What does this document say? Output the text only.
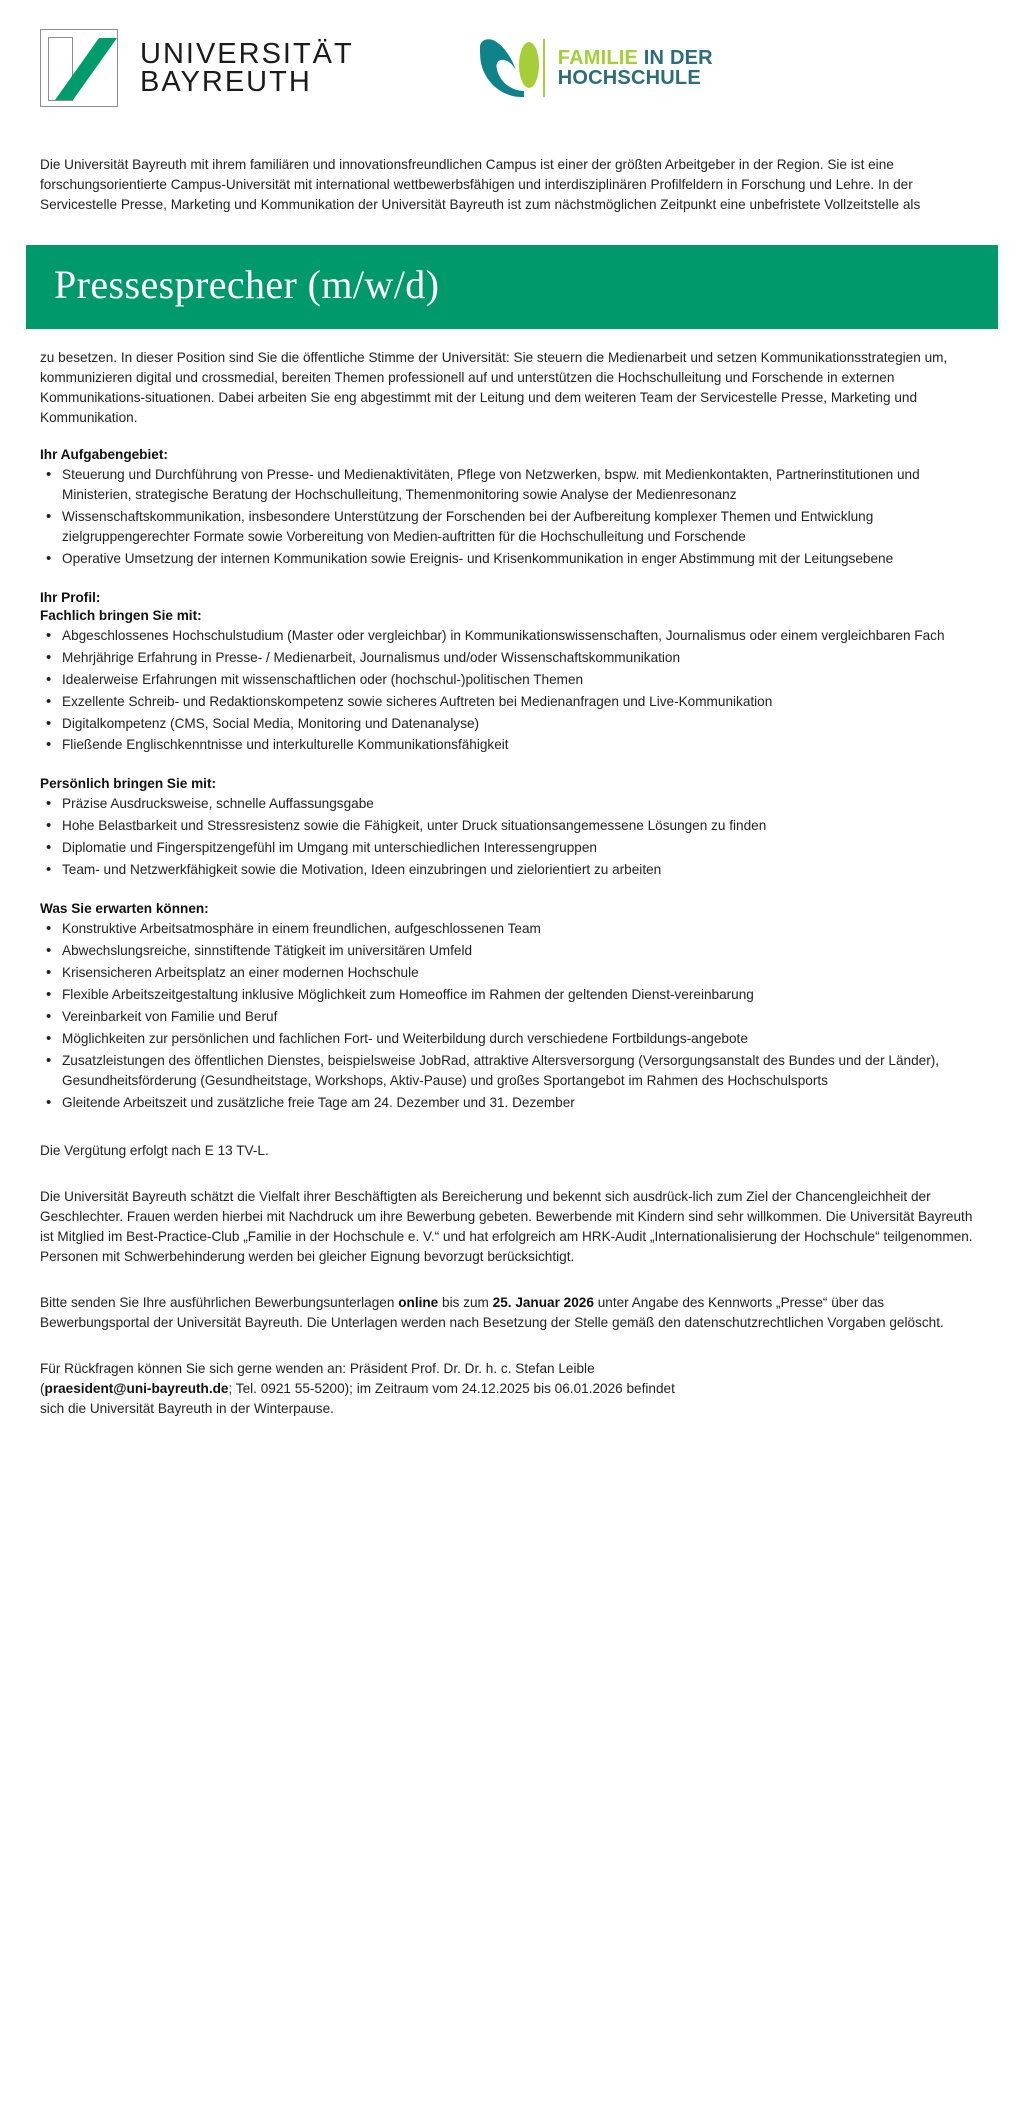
UNIVERSITÄT
BAYREUTH
FAMILIE IN DER
HOCHSCHULE

Die Universität Bayreuth mit ihrem familiären und innovationsfreundlichen Campus ist einer der größten Arbeitgeber in der Region. Sie ist eine forschungsorientierte Campus-Universität mit international wettbewerbsfähigen und interdisziplinären Profilfeldern in Forschung und Lehre. In der Servicestelle Presse, Marketing und Kommunikation der Universität Bayreuth ist zum nächstmöglichen Zeitpunkt eine unbefristete Vollzeitstelle als

Pressesprecher (m/w/d)

zu besetzen. In dieser Position sind Sie die öffentliche Stimme der Universität: Sie steuern die Medienarbeit und setzen Kommunikationsstrategien um, kommunizieren digital und crossmedial, bereiten Themen professionell auf und unterstützen die Hochschulleitung und Forschende in externen Kommunikations-situationen. Dabei arbeiten Sie eng abgestimmt mit der Leitung und dem weiteren Team der Servicestelle Presse, Marketing und Kommunikation.

Ihr Aufgabengebiet:
• Steuerung und Durchführung von Presse- und Medienaktivitäten, Pflege von Netzwerken, bspw. mit Medienkontakten, Partnerinstitutionen und Ministerien, strategische Beratung der Hochschulleitung, Themenmonitoring sowie Analyse der Medienresonanz
• Wissenschaftskommunikation, insbesondere Unterstützung der Forschenden bei der Aufbereitung komplexer Themen und Entwicklung zielgruppengerechter Formate sowie Vorbereitung von Medien-auftritten für die Hochschulleitung und Forschende
• Operative Umsetzung der internen Kommunikation sowie Ereignis- und Krisenkommunikation in enger Abstimmung mit der Leitungsebene
Ihr Profil:
Fachlich bringen Sie mit:
• Abgeschlossenes Hochschulstudium (Master oder vergleichbar) in Kommunikationswissenschaften, Journalismus oder einem vergleichbaren Fach
• Mehrjährige Erfahrung in Presse- / Medienarbeit, Journalismus und/oder Wissenschaftskommunikation
• Idealerweise Erfahrungen mit wissenschaftlichen oder (hochschul-)politischen Themen
• Exzellente Schreib- und Redaktionskompetenz sowie sicheres Auftreten bei Medienanfragen und Live-Kommunikation
• Digitalkompetenz (CMS, Social Media, Monitoring und Datenanalyse)
• Fließende Englischkenntnisse und interkulturelle Kommunikationsfähigkeit
Persönlich bringen Sie mit:
• Präzise Ausdrucksweise, schnelle Auffassungsgabe
• Hohe Belastbarkeit und Stressresistenz sowie die Fähigkeit, unter Druck situationsangemessene Lösungen zu finden
• Diplomatie und Fingerspitzengefühl im Umgang mit unterschiedlichen Interessengruppen
• Team- und Netzwerkfähigkeit sowie die Motivation, Ideen einzubringen und zielorientiert zu arbeiten
Was Sie erwarten können:
• Konstruktive Arbeitsatmosphäre in einem freundlichen, aufgeschlossenen Team
• Abwechslungsreiche, sinnstiftende Tätigkeit im universitären Umfeld
• Krisensicheren Arbeitsplatz an einer modernen Hochschule
• Flexible Arbeitszeitgestaltung inklusive Möglichkeit zum Homeoffice im Rahmen der geltenden Dienst-vereinbarung
• Vereinbarkeit von Familie und Beruf
• Möglichkeiten zur persönlichen und fachlichen Fort- und Weiterbildung durch verschiedene Fortbildungs-angebote
• Zusatzleistungen des öffentlichen Dienstes, beispielsweise JobRad, attraktive Altersversorgung (Versorgungsanstalt des Bundes und der Länder), Gesundheitsförderung (Gesundheitstage, Workshops, Aktiv-Pause) und großes Sportangebot im Rahmen des Hochschulsports
• Gleitende Arbeitszeit und zusätzliche freie Tage am 24. Dezember und 31. Dezember

Die Vergütung erfolgt nach E 13 TV-L.

Die Universität Bayreuth schätzt die Vielfalt ihrer Beschäftigten als Bereicherung und bekennt sich ausdrück-lich zum Ziel der Chancengleichheit der Geschlechter. Frauen werden hierbei mit Nachdruck um ihre Bewerbung gebeten. Bewerbende mit Kindern sind sehr willkommen. Die Universität Bayreuth ist Mitglied im Best-Practice-Club „Familie in der Hochschule e. V.“ und hat erfolgreich am HRK-Audit „Internationalisierung der Hochschule“ teilgenommen. Personen mit Schwerbehinderung werden bei gleicher Eignung bevorzugt berücksichtigt.

Bitte senden Sie Ihre ausführlichen Bewerbungsunterlagen online bis zum 25. Januar 2026 unter Angabe des Kennworts „Presse“ über das Bewerbungsportal der Universität Bayreuth. Die Unterlagen werden nach Besetzung der Stelle gemäß den datenschutzrechtlichen Vorgaben gelöscht.

Für Rückfragen können Sie sich gerne wenden an: Präsident Prof. Dr. Dr. h. c. Stefan Leible
(praesident@uni-bayreuth.de; Tel. 0921 55-5200); im Zeitraum vom 24.12.2025 bis 06.01.2026 befindet
sich die Universität Bayreuth in der Winterpause.
